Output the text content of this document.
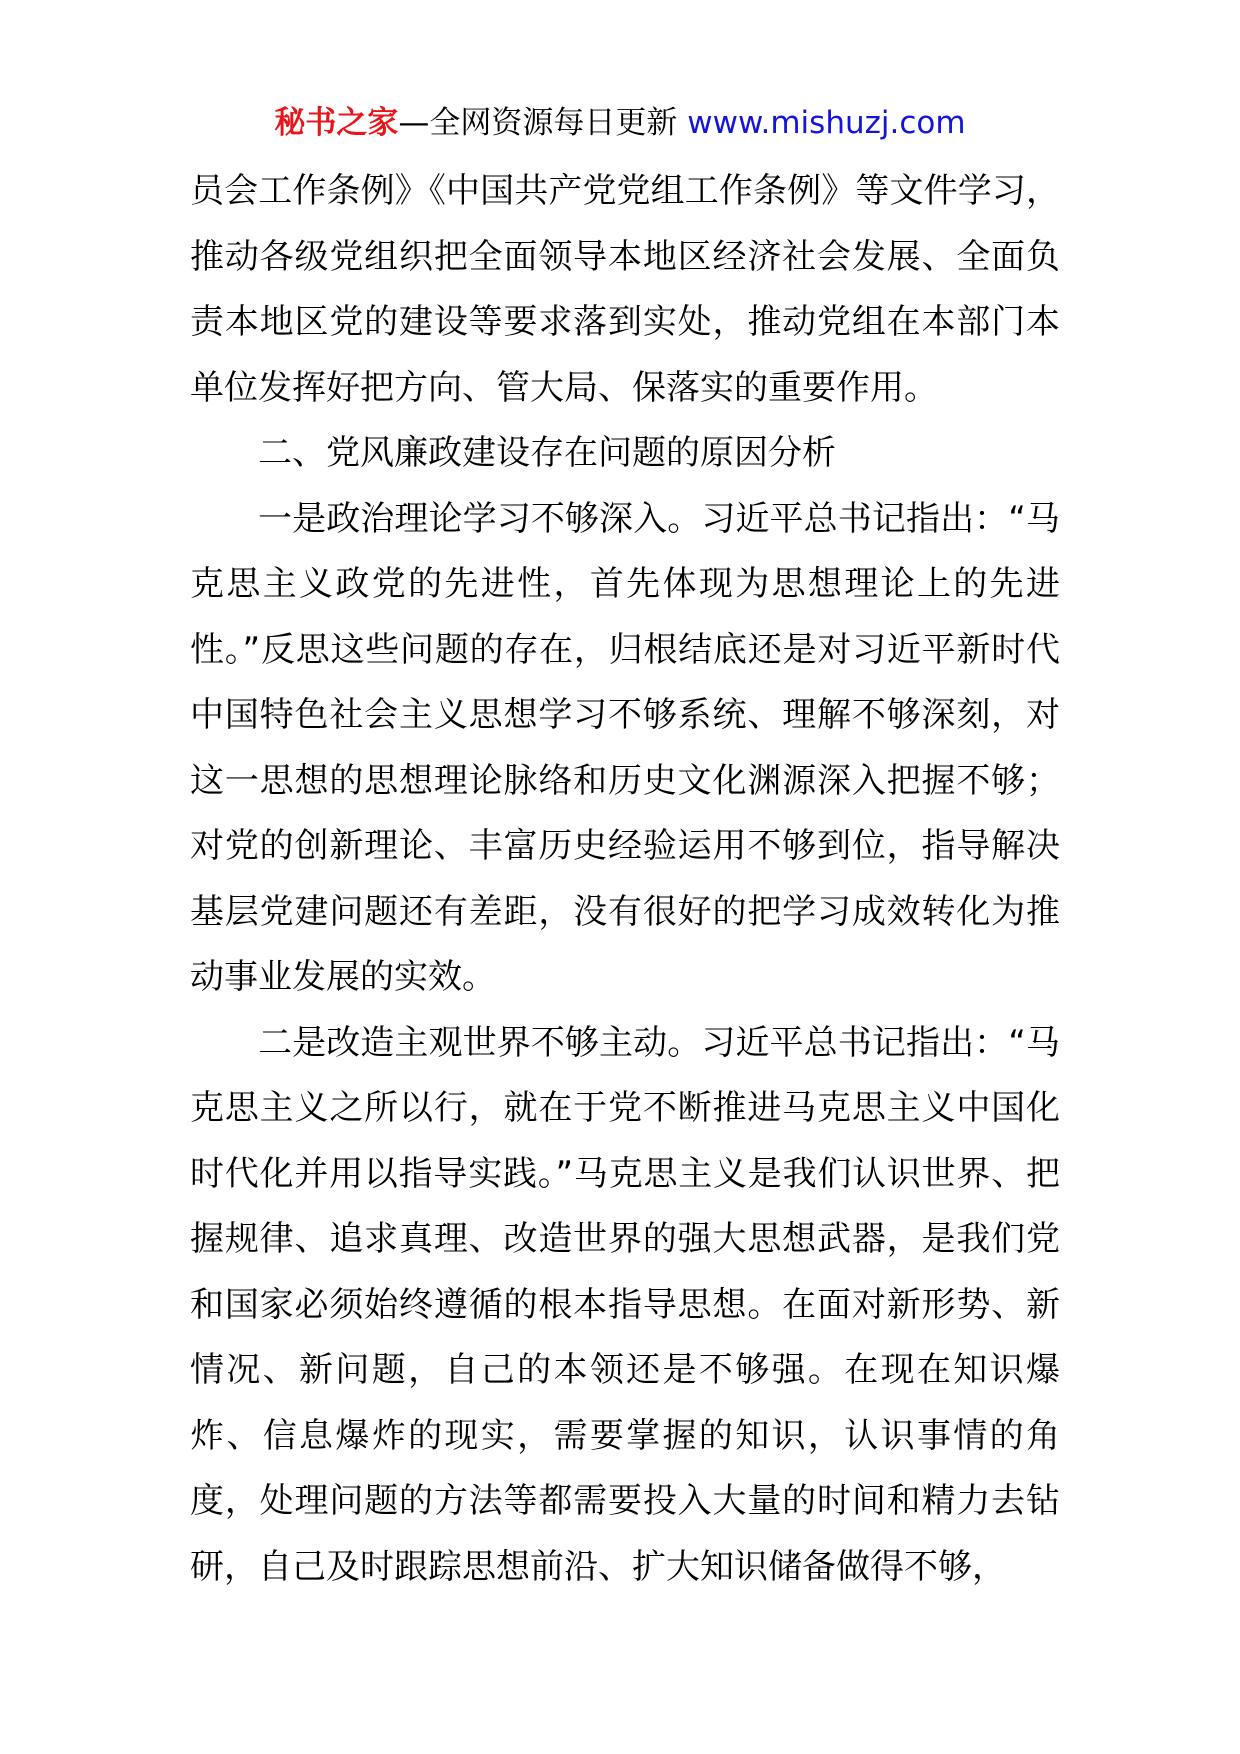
秘书之家—全网资源每日更新 www.mishuzj.com

员会工作条例》《中国共产党党组工作条例》等文件学习，推动各级党组织把全面领导本地区经济社会发展、全面负责本地区党的建设等要求落到实处，推动党组在本部门本单位发挥好把方向、管大局、保落实的重要作用。

二、党风廉政建设存在问题的原因分析

一是政治理论学习不够深入。习近平总书记指出：“马克思主义政党的先进性，首先体现为思想理论上的先进性。”反思这些问题的存在，归根结底还是对习近平新时代中国特色社会主义思想学习不够系统、理解不够深刻，对这一思想的思想理论脉络和历史文化渊源深入把握不够；对党的创新理论、丰富历史经验运用不够到位，指导解决基层党建问题还有差距，没有很好的把学习成效转化为推动事业发展的实效。

二是改造主观世界不够主动。习近平总书记指出：“马克思主义之所以行，就在于党不断推进马克思主义中国化时代化并用以指导实践。”马克思主义是我们认识世界、把握规律、追求真理、改造世界的强大思想武器，是我们党和国家必须始终遵循的根本指导思想。在面对新形势、新情况、新问题，自己的本领还是不够强。在现在知识爆炸、信息爆炸的现实，需要掌握的知识，认识事情的角度，处理问题的方法等都需要投入大量的时间和精力去钻研，自己及时跟踪思想前沿、扩大知识储备做得不够，
